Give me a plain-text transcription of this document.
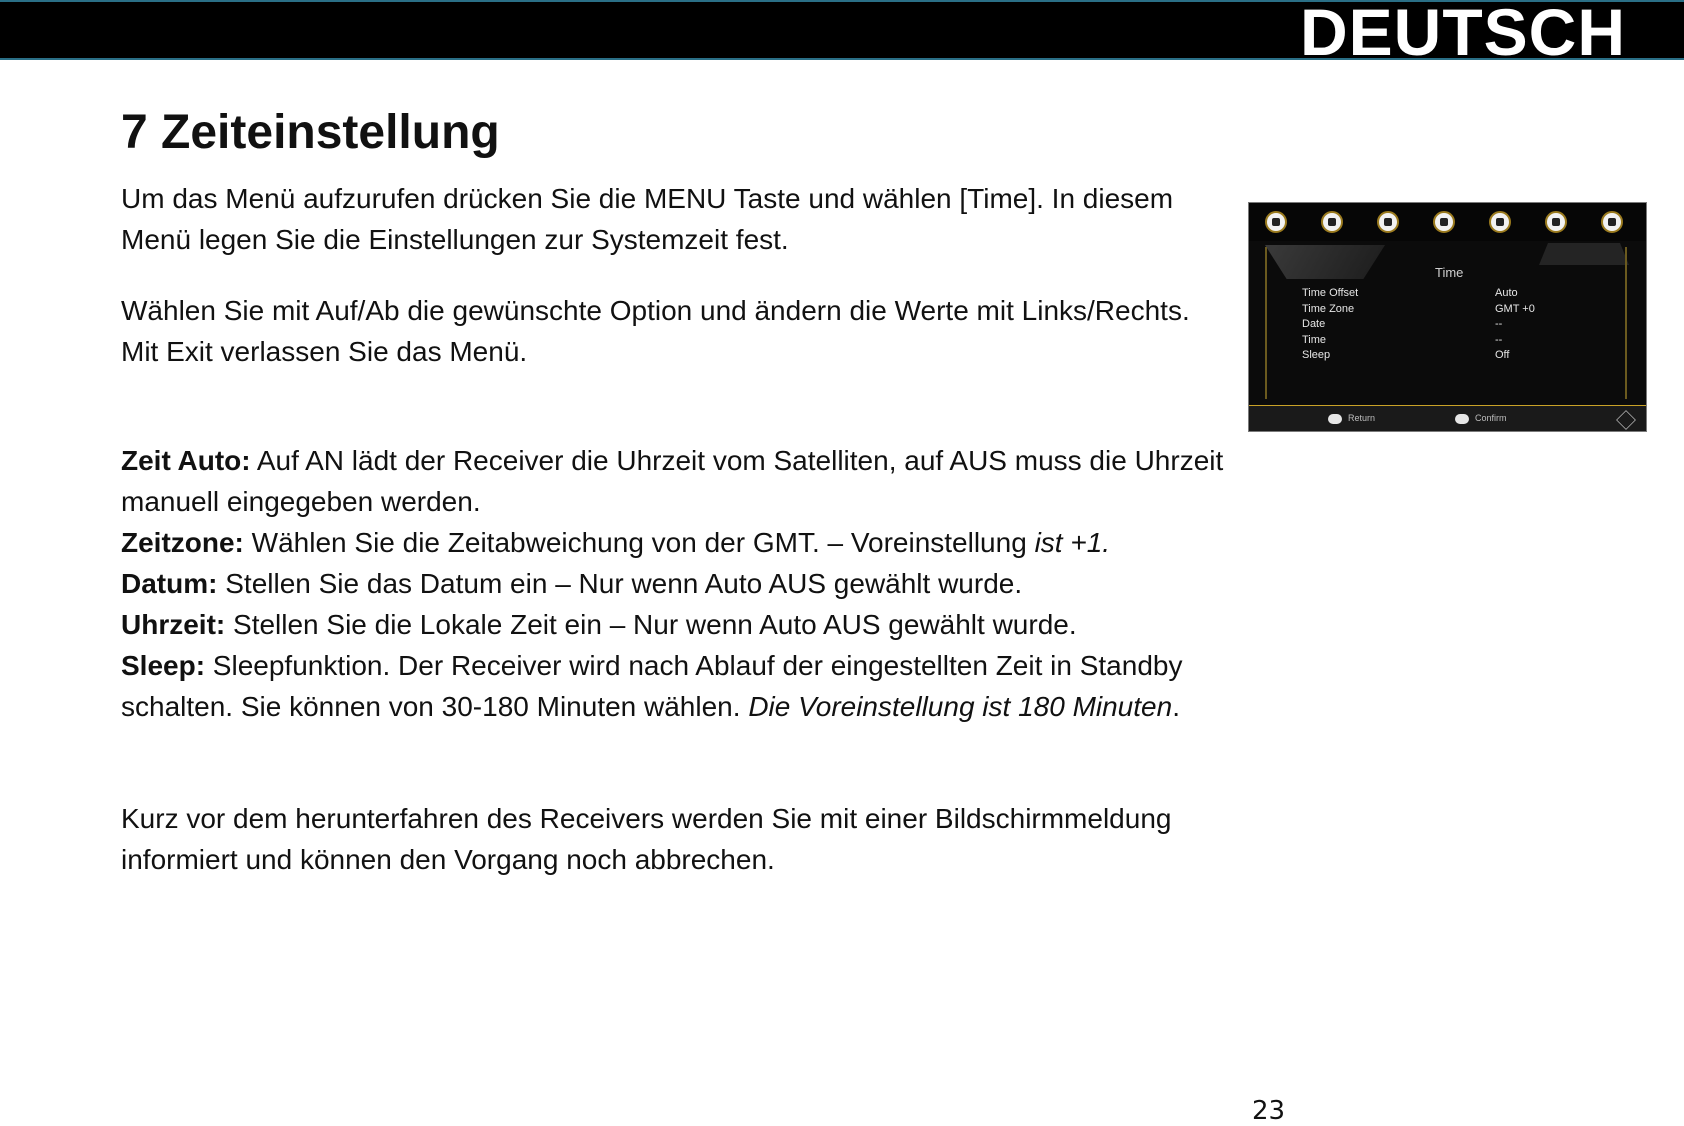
DEUTSCH
7 Zeiteinstellung

Um das Menü aufzurufen drücken Sie die MENU Taste und wählen [Time]. In diesem Menü legen Sie die Einstellungen zur Systemzeit fest.

Wählen Sie mit Auf/Ab die gewünschte Option und ändern die Werte mit Links/Rechts. Mit Exit verlassen Sie das Menü.

Zeit Auto: Auf AN lädt der Receiver die Uhrzeit vom Satelliten, auf AUS muss die Uhrzeit manuell eingegeben werden.
Zeitzone: Wählen Sie die Zeitabweichung von der GMT. – Voreinstellung ist +1.
Datum: Stellen Sie das Datum ein – Nur wenn Auto AUS gewählt wurde.
Uhrzeit: Stellen Sie die Lokale Zeit ein – Nur wenn Auto AUS gewählt wurde.
Sleep: Sleepfunktion. Der Receiver wird nach Ablauf der eingestellten Zeit in Standby schalten. Sie können von 30-180 Minuten wählen. Die Voreinstellung ist 180 Minuten.

Kurz vor dem herunterfahren des Receivers werden Sie mit einer Bildschirmmeldung informiert und können den Vorgang noch abbrechen.

23
Time
Time Offset	Auto
Time Zone	GMT +0
Date	--
Time	--
Sleep	Off
Return	Confirm
